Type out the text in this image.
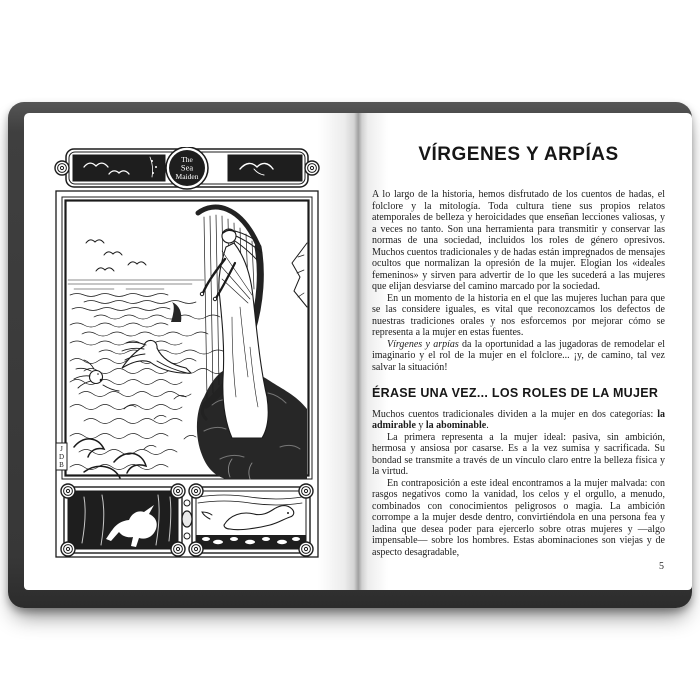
The
Sea
Maiden
J
D
B
VÍRGENES Y ARPÍAS

A lo largo de la historia, hemos disfrutado de los cuentos de hadas, el folclore y la mitología. Toda cultura tiene sus propios relatos atemporales de belleza y heroicidades que enseñan lecciones valiosas, y a veces no tanto. Son una herramienta para transmitir y conservar las normas de una sociedad, incluidos los roles de género opresivos. Muchos cuentos tradicionales y de hadas están impregnados de mensajes ocultos que normalizan la opresión de la mujer. Elogian los «ideales femeninos» y sirven para advertir de lo que les sucederá a las mujeres que elijan desviarse del camino marcado por la sociedad.

En un momento de la historia en el que las mujeres luchan para que se las considere iguales, es vital que reconozcamos los defectos de nuestras tradiciones orales y nos esforcemos por mejorar cómo se representa a la mujer en estas fuentes.

Vírgenes y arpías da la oportunidad a las jugadoras de remodelar el imaginario y el rol de la mujer en el folclore... ¡y, de camino, tal vez salvar la situación!

ÉRASE UNA VEZ... LOS ROLES DE LA MUJER

Muchos cuentos tradicionales dividen a la mujer en dos categorías: la admirable y la abominable.

La primera representa a la mujer ideal: pasiva, sin ambición, hermosa y ansiosa por casarse. Es a la vez sumisa y sacrificada. Su bondad se transmite a través de un vínculo claro entre la belleza física y la virtud.

En contraposición a este ideal encontramos a la mujer malvada: con rasgos negativos como la vanidad, los celos y el orgullo, a menudo, combinados con conocimientos peligrosos o magia. La ambición corrompe a la mujer desde dentro, convirtiéndola en una persona fea y ladina que desea poder para ejercerlo sobre otras mujeres y —algo impensable— sobre los hombres. Estas abominaciones son viejas y de aspecto desagradable,

5
